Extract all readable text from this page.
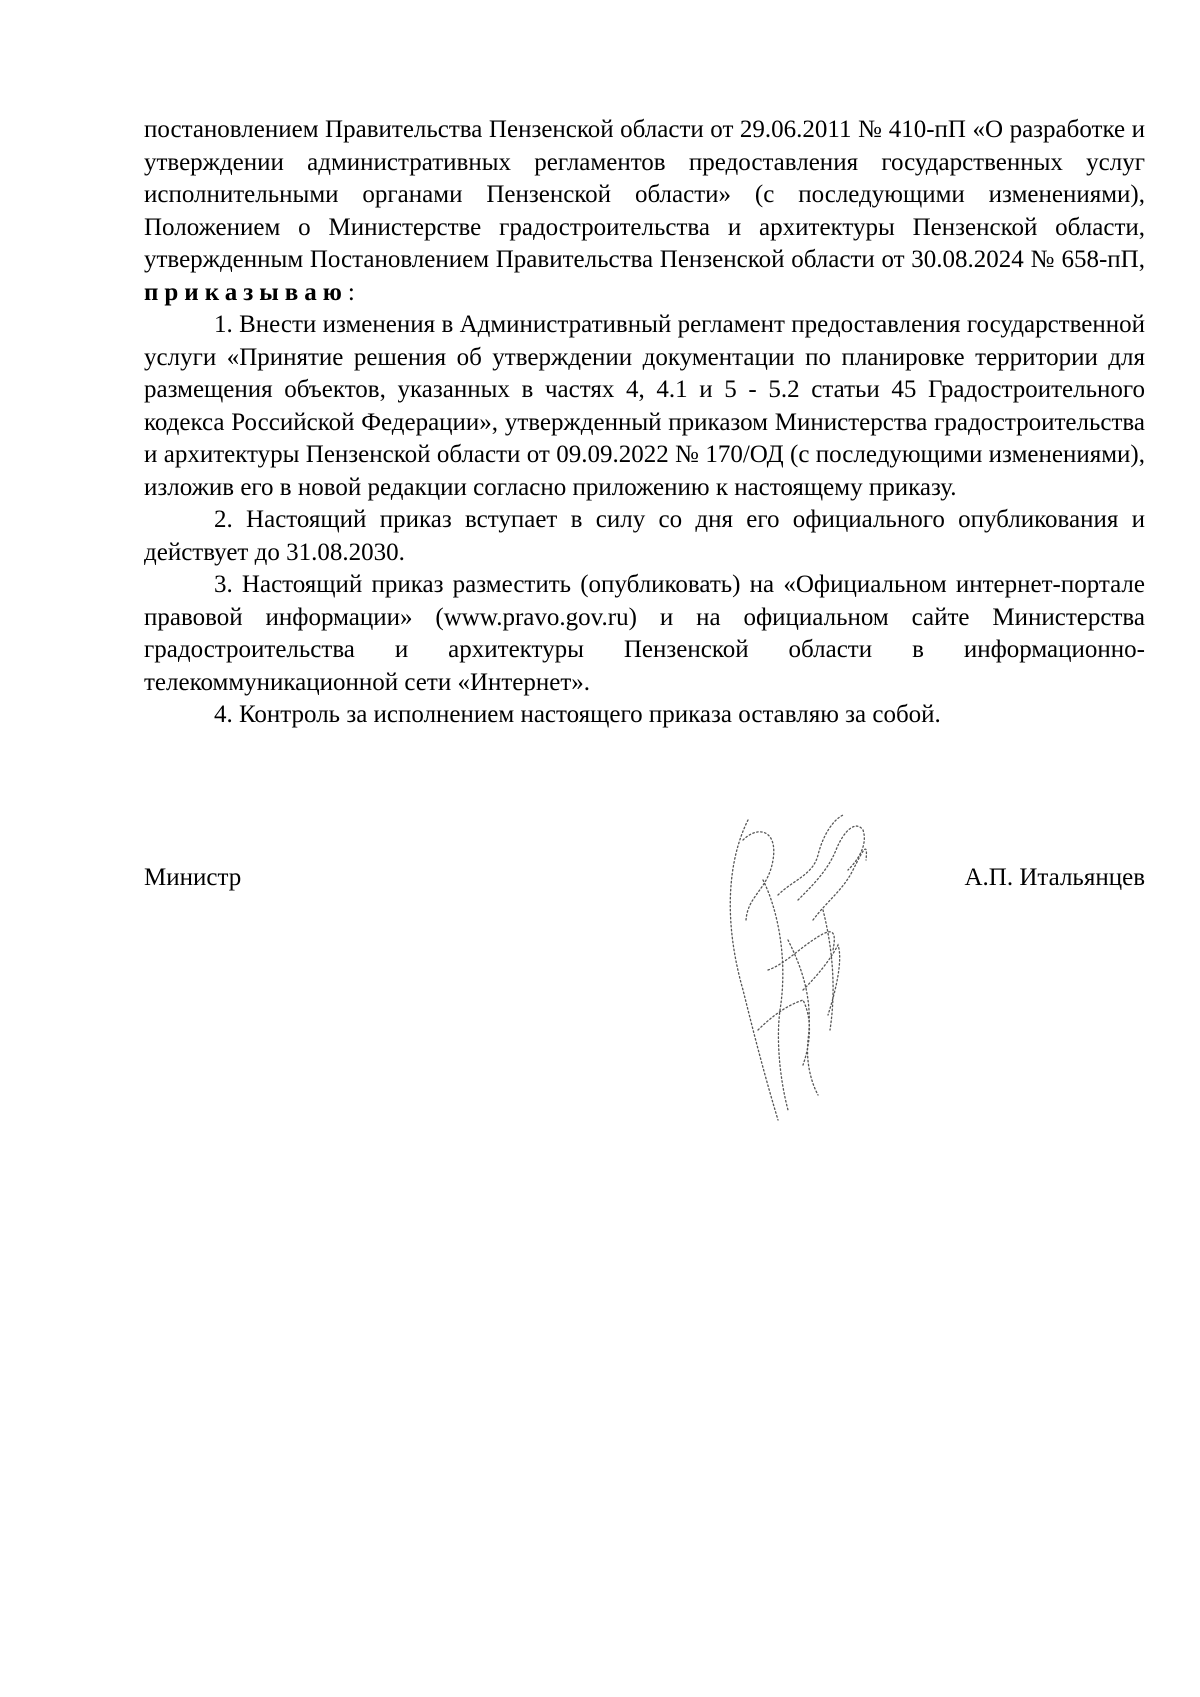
постановлением Правительства Пензенской области от 29.06.2011 № 410-пП «О разработке и утверждении административных регламентов предоставления государственных услуг исполнительными органами Пензенской области» (с последующими изменениями), Положением о Министерстве градостроительства и архитектуры Пензенской области, утвержденным Постановлением Правительства Пензенской области от 30.08.2024 № 658-пП, приказываю:

1. Внести изменения в Административный регламент предоставления государственной услуги «Принятие решения об утверждении документации по планировке территории для размещения объектов, указанных в частях 4, 4.1 и 5 - 5.2 статьи 45 Градостроительного кодекса Российской Федерации», утвержденный приказом Министерства градостроительства и архитектуры Пензенской области от 09.09.2022 № 170/ОД (с последующими изменениями), изложив его в новой редакции согласно приложению к настоящему приказу.

2. Настоящий приказ вступает в силу со дня его официального опубликования и действует до 31.08.2030.

3. Настоящий приказ разместить (опубликовать) на «Официальном интернет-портале правовой информации» (www.pravo.gov.ru) и на официальном сайте Министерства градостроительства и архитектуры Пензенской области в информационно-телекоммуникационной сети «Интернет».

4. Контроль за исполнением настоящего приказа оставляю за собой.

Министр	А.П. Итальянцев
